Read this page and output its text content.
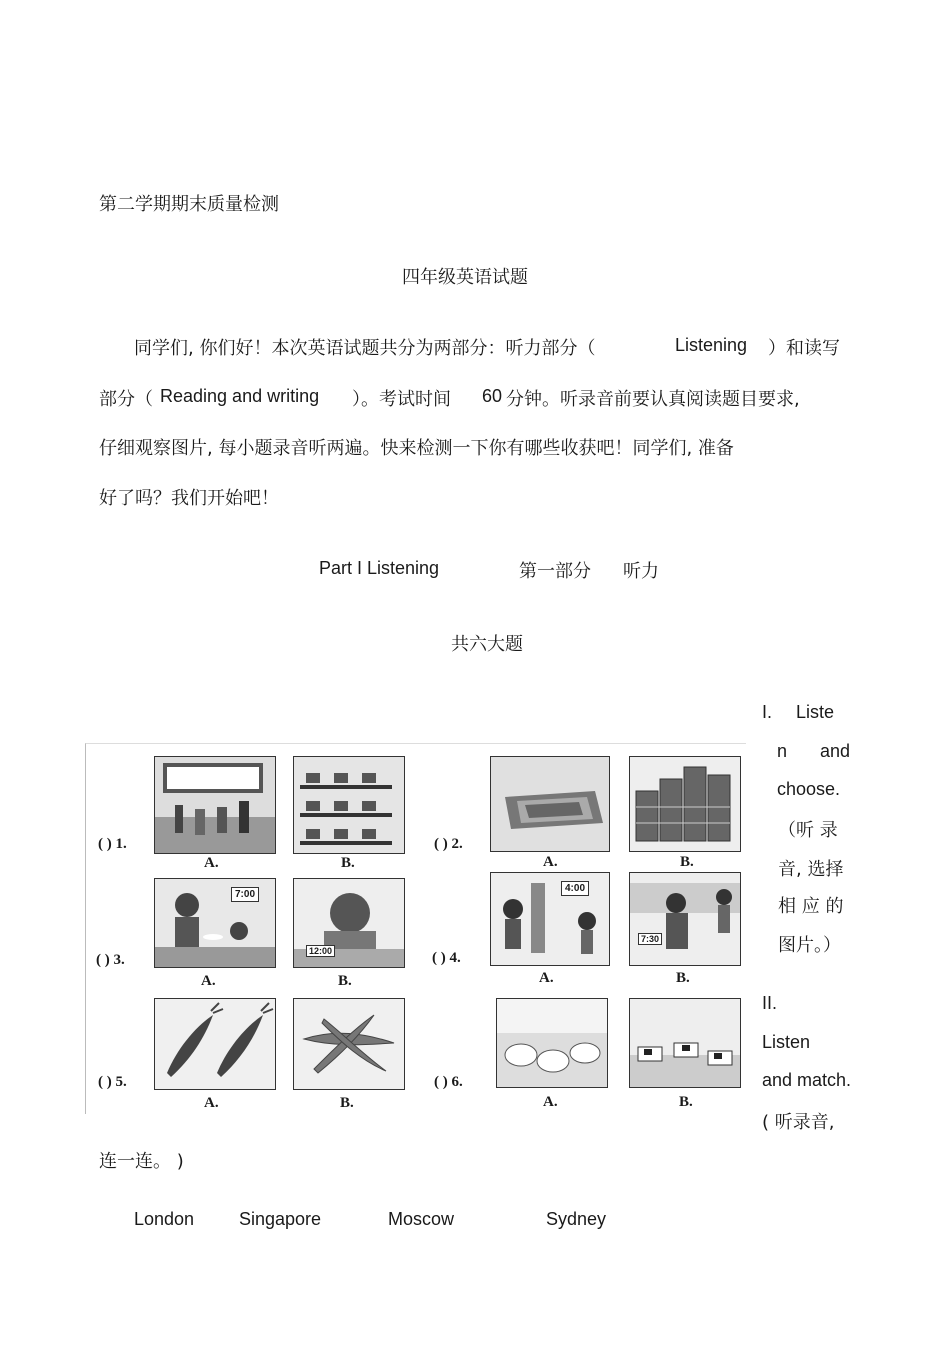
第二学期期末质量检测
四年级英语试题
同学们, 你们好！本次英语试题共分为两部分：听力部分（	Listening ）和读写
部分（ Reading and writing ）。考试时间 60 分钟。听录音前要认真阅读题目要求,
仔细观察图片, 每小题录音听两遍。快来检测一下你有哪些收获吧！同学们, 准备
好了吗？我们开始吧！
Part I Listening	第一部分 听力
共六大题
I. Liste
n and
choose.
（听 录
音, 选择
相 应 的
图片。）
II.
Listen
and match.
( 听录音,
连一连。 )
( ) 1.
A.	B.
( ) 2.
A.	B.
( ) 3.
7:00
A.
12:00
B.
( ) 4.
4:00
A.
7:30
B.
( ) 5.
A.	B.
( ) 6.
A.	B.
London Singapore	Moscow	Sydney
